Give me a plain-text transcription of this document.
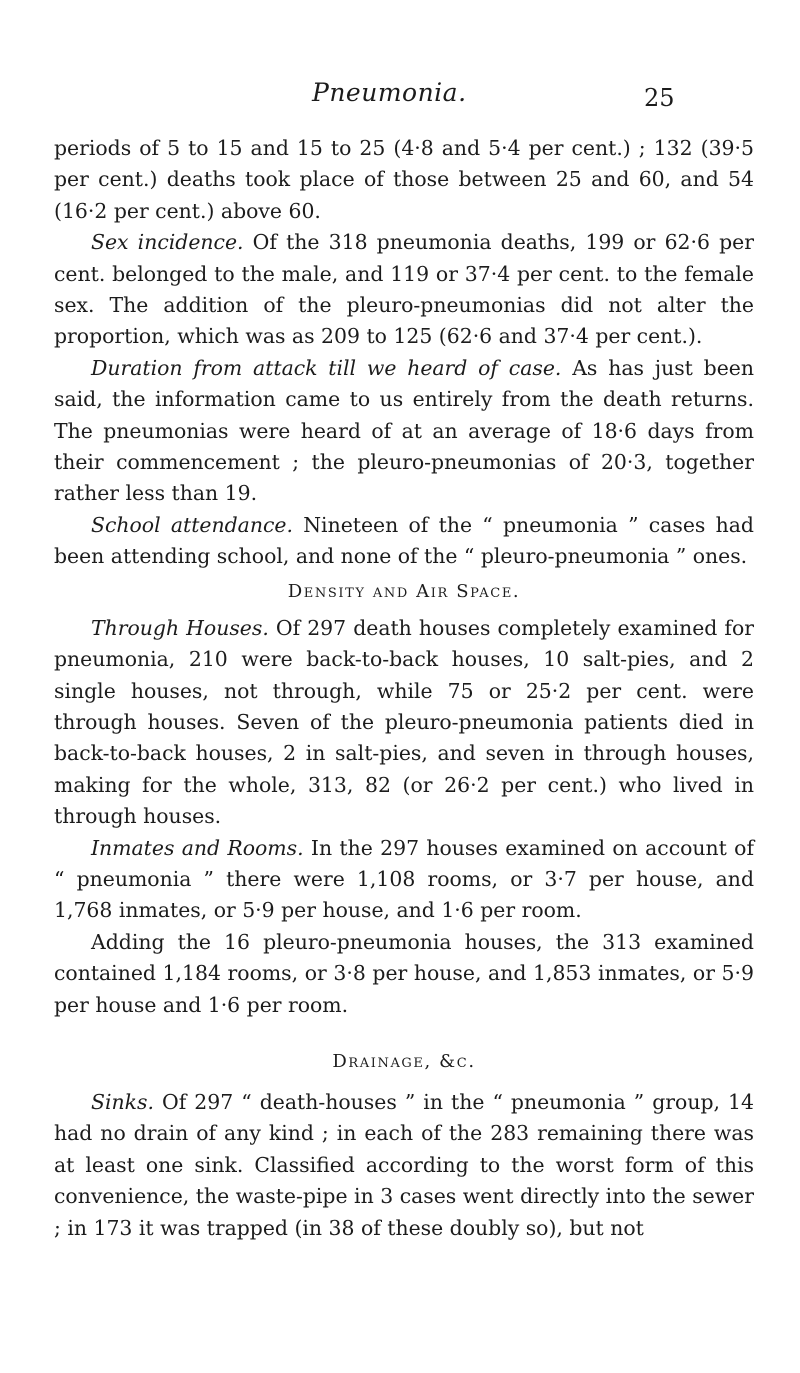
Pneumonia.	25

periods of 5 to 15 and 15 to 25 (4·8 and 5·4 per cent.) ; 132 (39·5 per cent.) deaths took place of those between 25 and 60, and 54 (16·2 per cent.) above 60.

Sex incidence. Of the 318 pneumonia deaths, 199 or 62·6 per cent. belonged to the male, and 119 or 37·4 per cent. to the female sex. The addition of the pleuro-pneumonias did not alter the proportion, which was as 209 to 125 (62·6 and 37·4 per cent.).

Duration from attack till we heard of case. As has just been said, the information came to us entirely from the death returns. The pneumonias were heard of at an average of 18·6 days from their commencement ; the pleuro-pneumonias of 20·3, together rather less than 19.

School attendance. Nineteen of the “ pneumonia ” cases had been attending school, and none of the “ pleuro-pneumonia ” ones.

Density and Air Space.

Through Houses. Of 297 death houses completely examined for pneumonia, 210 were back-to-back houses, 10 salt-pies, and 2 single houses, not through, while 75 or 25·2 per cent. were through houses. Seven of the pleuro-pneumonia patients died in back-to-back houses, 2 in salt-pies, and seven in through houses, making for the whole, 313, 82 (or 26·2 per cent.) who lived in through houses.

Inmates and Rooms. In the 297 houses examined on account of “ pneumonia ” there were 1,108 rooms, or 3·7 per house, and 1,768 inmates, or 5·9 per house, and 1·6 per room.

Adding the 16 pleuro-pneumonia houses, the 313 examined contained 1,184 rooms, or 3·8 per house, and 1,853 inmates, or 5·9 per house and 1·6 per room.

Drainage, &c.

Sinks. Of 297 “ death-houses ” in the “ pneumonia ” group, 14 had no drain of any kind ; in each of the 283 remaining there was at least one sink. Classified according to the worst form of this convenience, the waste-pipe in 3 cases went directly into the sewer ; in 173 it was trapped (in 38 of these doubly so), but not
